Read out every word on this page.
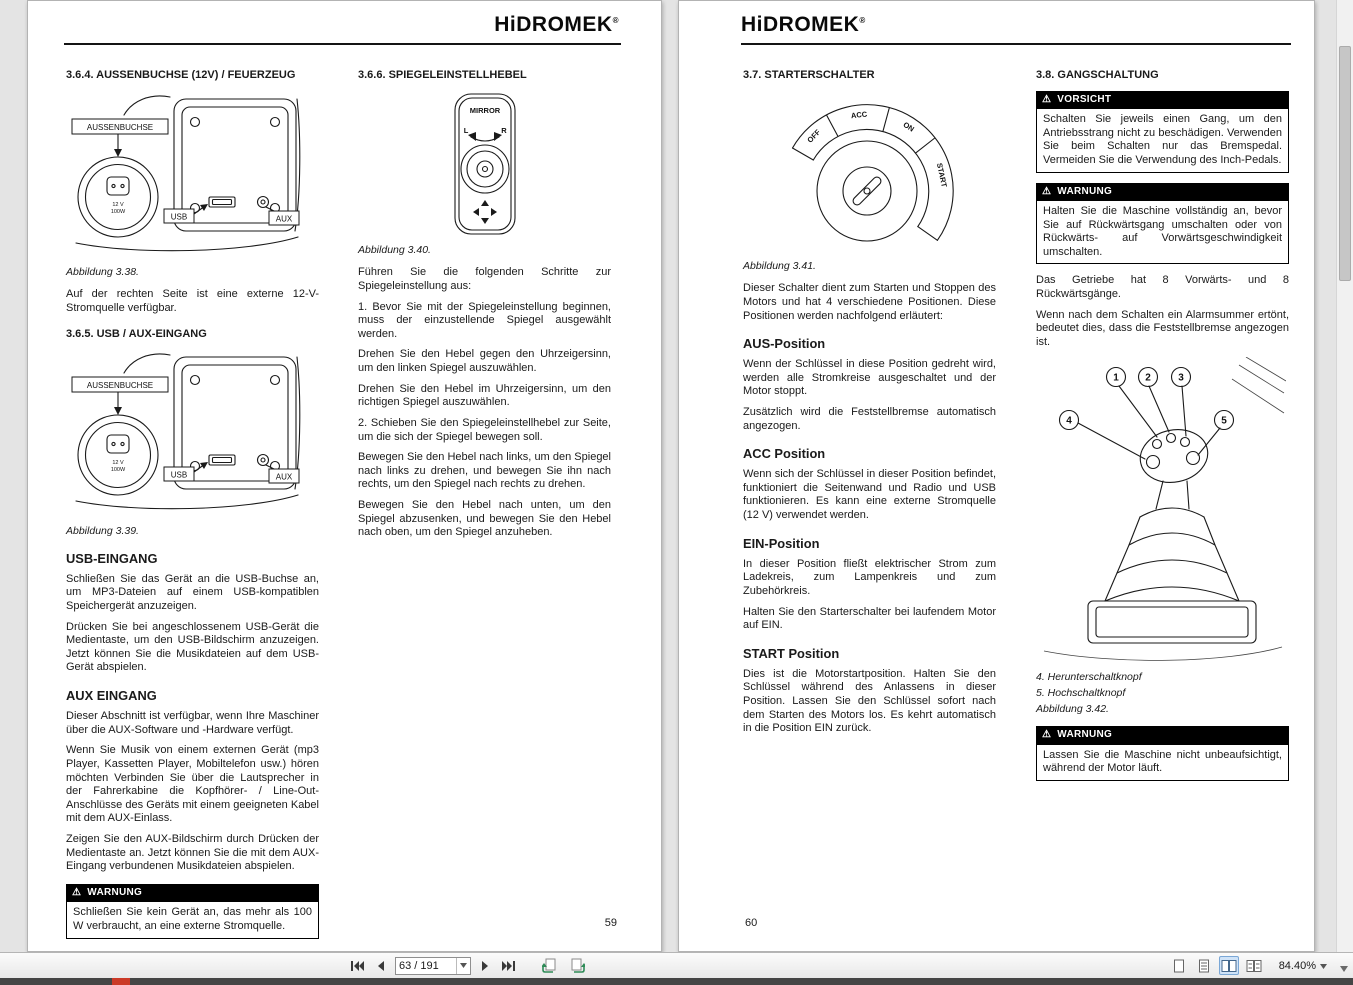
HiDROMEK®
3.6.4. AUSSENBUCHSE (12V) / FEUERZEUG
AUSSENBUCHSE
12 V
100W
USB	AUX
Abbildung 3.38.

Auf der rechten Seite ist eine externe 12-V-Stromquelle verfügbar.

3.6.5. USB / AUX-EINGANG
AUSSENBUCHSE
12 V
100W
USB	AUX
Abbildung 3.39.
USB-EINGANG

Schließen Sie das Gerät an die USB-Buchse an, um MP3-Dateien auf einem USB-kompatiblen Speichergerät anzuzeigen.

Drücken Sie bei angeschlossenem USB-Gerät die Medientaste, um den USB-Bildschirm anzuzeigen. Jetzt können Sie die Musikdateien auf dem USB-Gerät abspielen.

AUX EINGANG

Dieser Abschnitt ist verfügbar, wenn Ihre Maschiner über die AUX-Software und -Hardware verfügt.

Wenn Sie Musik von einem externen Gerät (mp3 Player, Kassetten Player, Mobiltelefon usw.) hören möchten Verbinden Sie über die Lautsprecher in der Fahrerkabine die Kopfhörer- / Line-Out-Anschlüsse des Geräts mit einem geeigneten Kabel mit dem AUX-Einlass.

Zeigen Sie den AUX-Bildschirm durch Drücken der Medientaste an. Jetzt können Sie die mit dem AUX-Eingang verbundenen Musikdateien abspielen.

⚠ WARNUNG
Schließen Sie kein Gerät an, das mehr als 100 W verbraucht, an eine externe Stromquelle.
3.6.6. SPIEGELEINSTELLHEBEL
MIRROR
L	R
Abbildung 3.40.

Führen Sie die folgenden Schritte zur Spiegeleinstellung aus:

1. Bevor Sie mit der Spiegeleinstellung beginnen, muss der einzustellende Spiegel ausgewählt werden.

Drehen Sie den Hebel gegen den Uhrzeigersinn, um den linken Spiegel auszuwählen.

Drehen Sie den Hebel im Uhrzeigersinn, um den richtigen Spiegel auszuwählen.

2. Schieben Sie den Spiegeleinstellhebel zur Seite, um die sich der Spiegel bewegen soll.

Bewegen Sie den Hebel nach links, um den Spiegel nach links zu drehen, und bewegen Sie ihn nach rechts, um den Spiegel nach rechts zu drehen.

Bewegen Sie den Hebel nach unten, um den Spiegel abzusenken, und bewegen Sie den Hebel nach oben, um den Spiegel anzuheben.

59
HiDROMEK®
3.7. STARTERSCHALTER
OFF
ACC
ON
START
Abbildung 3.41.

Dieser Schalter dient zum Starten und Stoppen des Motors und hat 4 verschiedene Positionen. Diese Positionen werden nachfolgend erläutert:

AUS-Position

Wenn der Schlüssel in diese Position gedreht wird, werden alle Stromkreise ausgeschaltet und der Motor stoppt.

Zusätzlich wird die Feststellbremse automatisch angezogen.

ACC Position

Wenn sich der Schlüssel in dieser Position befindet, funktioniert die Seitenwand und Radio und USB funktionieren. Es kann eine externe Stromquelle (12 V) verwendet werden.

EIN-Position

In dieser Position fließt elektrischer Strom zum Ladekreis, zum Lampenkreis und zum Zubehörkreis.

Halten Sie den Starterschalter bei laufendem Motor auf EIN.

START Position

Dies ist die Motorstartposition. Halten Sie den Schlüssel während des Anlassens in dieser Position. Lassen Sie den Schlüssel sofort nach dem Starten des Motors los. Es kehrt automatisch in die Position EIN zurück.

3.8. GANGSCHALTUNG
⚠ VORSICHT
Schalten Sie jeweils einen Gang, um den Antriebsstrang nicht zu beschädigen. Verwenden Sie beim Schalten nur das Bremspedal. Vermeiden Sie die Verwendung des Inch-Pedals.
⚠ WARNUNG
Halten Sie die Maschine vollständig an, bevor Sie auf Rückwärtsgang umschalten oder von Rückwärts- auf Vorwärtsgeschwindigkeit umschalten.

Das Getriebe hat 8 Vorwärts- und 8 Rückwärtsgänge.

Wenn nach dem Schalten ein Alarmsummer ertönt, bedeutet dies, dass die Feststellbremse angezogen ist.

1	2	3
4	5
4. Herunterschaltknopf
5. Hochschaltknopf
Abbildung 3.42.
⚠ WARNUNG
Lassen Sie die Maschine nicht unbeaufsichtigt, während der Motor läuft.
60
63 / 191	84.40%
